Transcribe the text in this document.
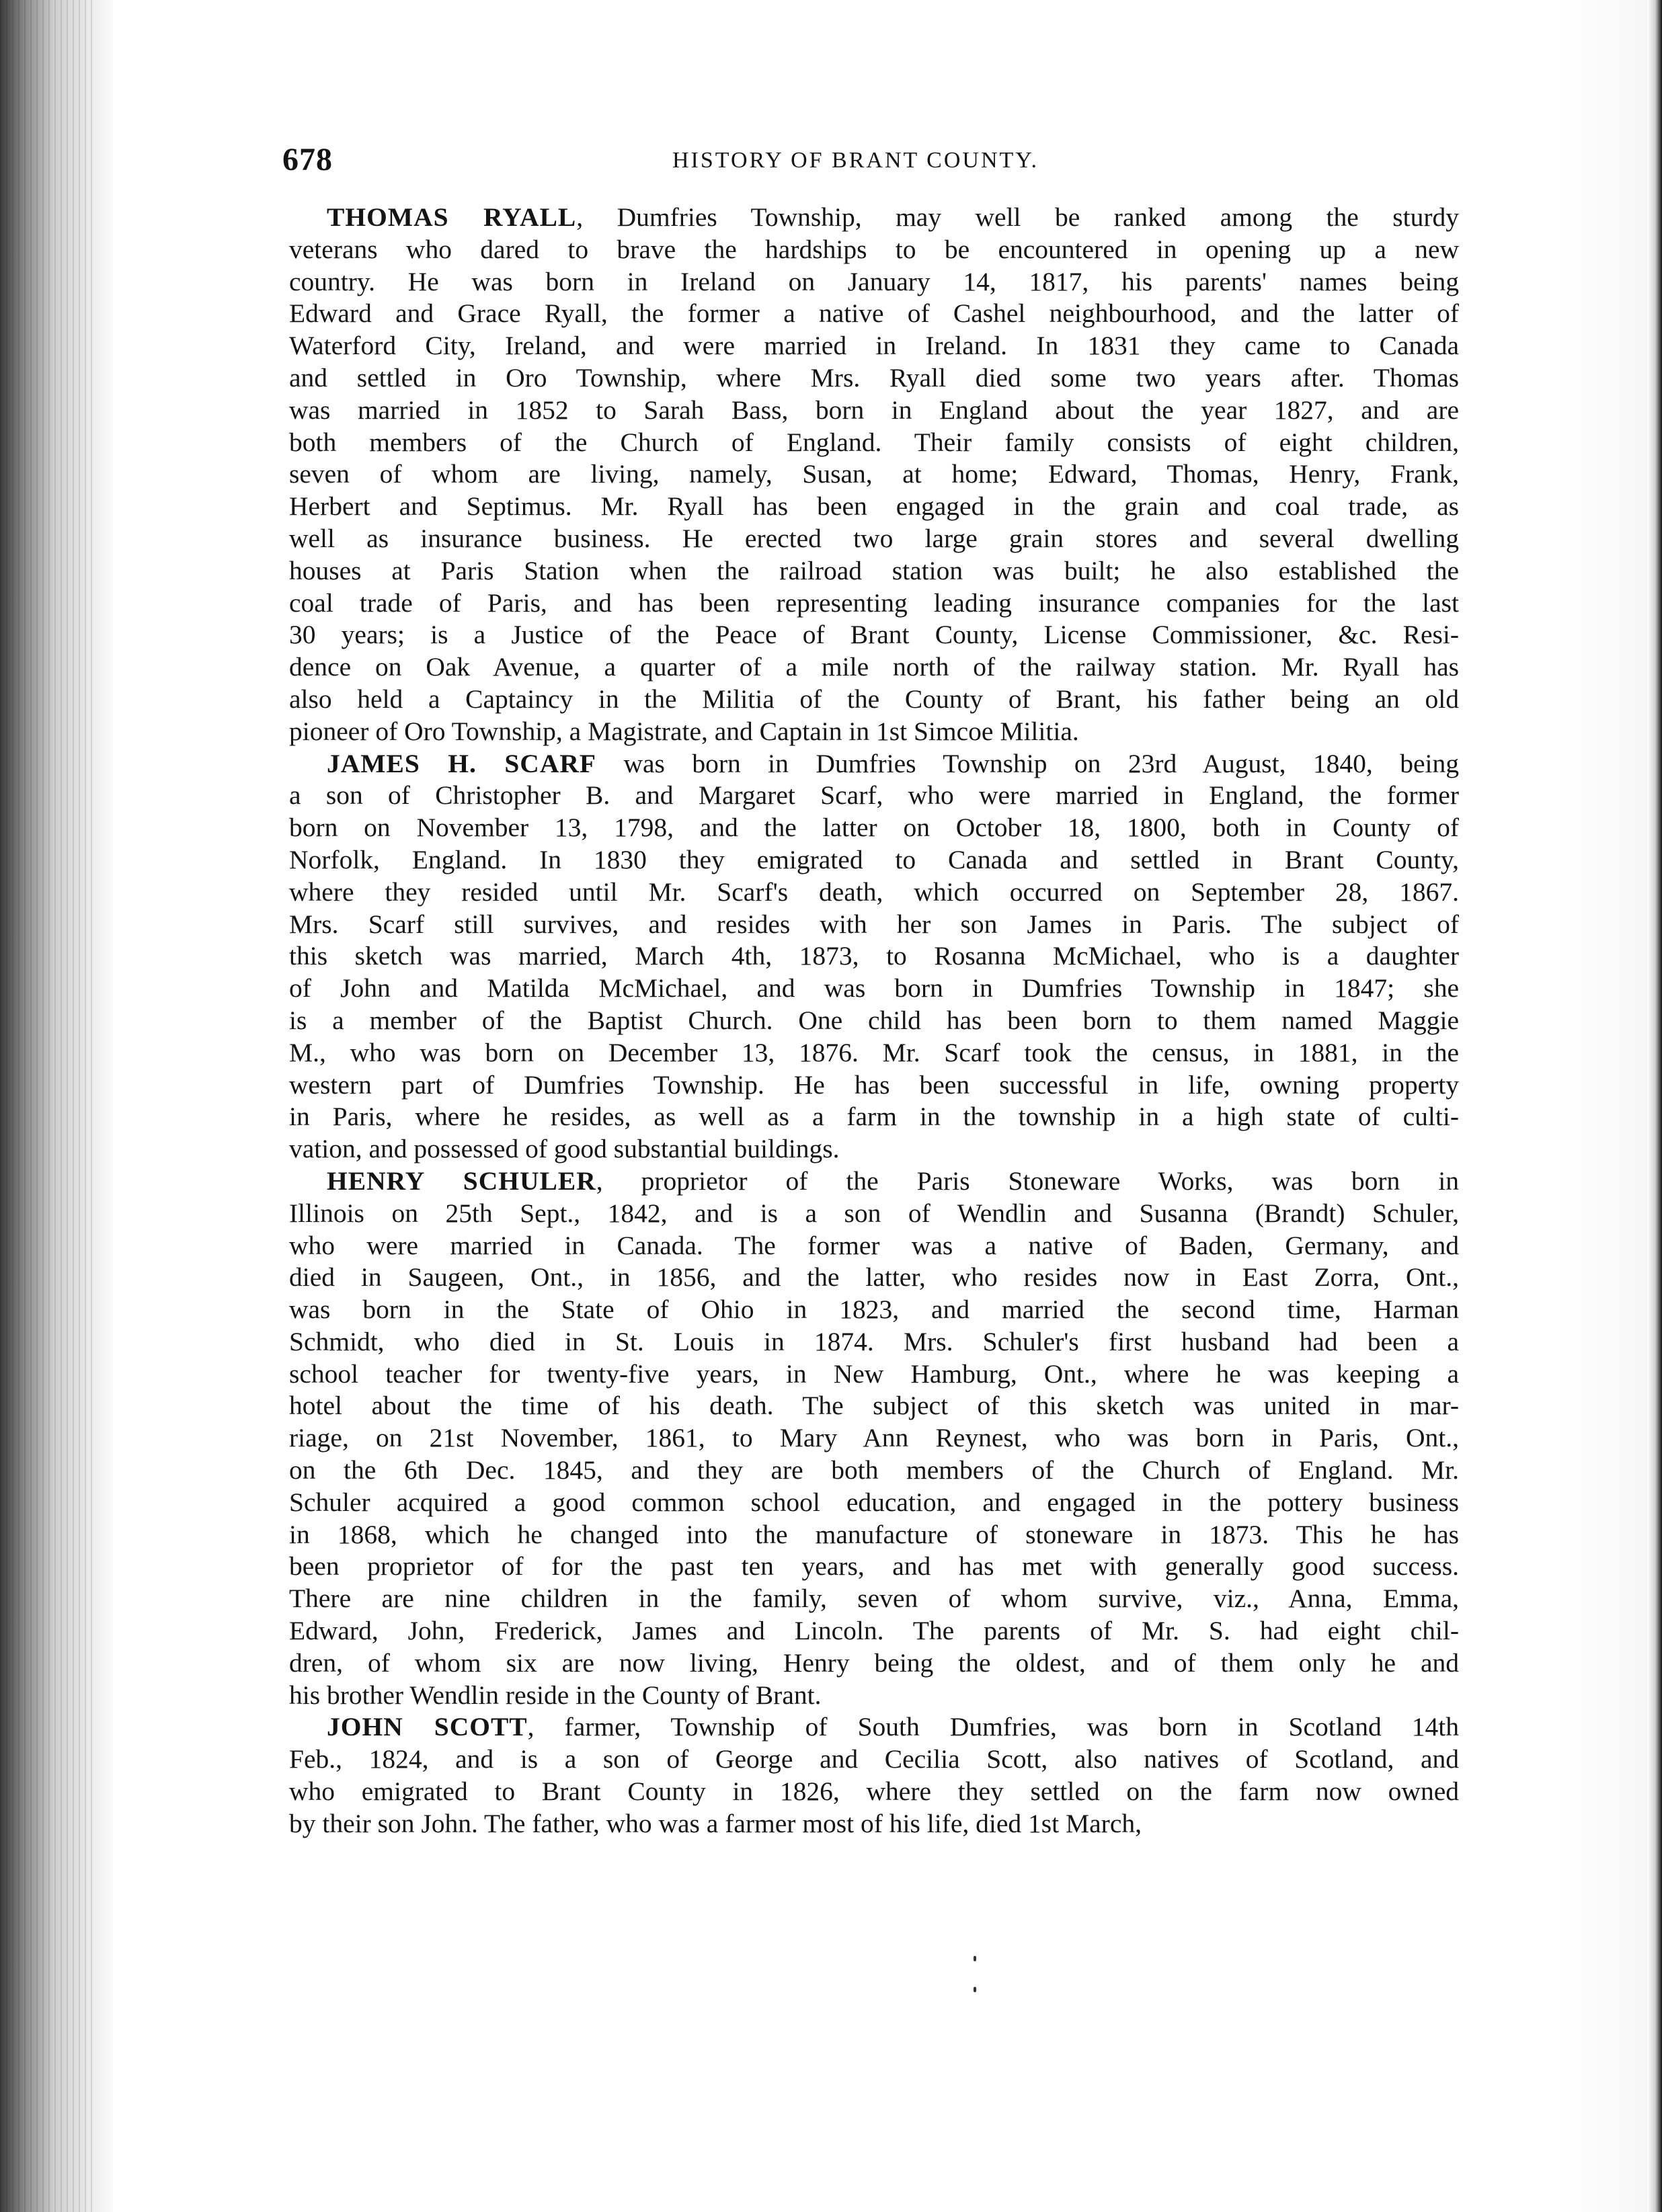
678	HISTORY OF BRANT COUNTY.
THOMAS RYALL, Dumfries Township, may well be ranked among the sturdy
veterans who dared to brave the hardships to be encountered in opening up a new
country. He was born in Ireland on January 14, 1817, his parents' names being
Edward and Grace Ryall, the former a native of Cashel neighbourhood, and the latter of
Waterford City, Ireland, and were married in Ireland. In 1831 they came to Canada
and settled in Oro Township, where Mrs. Ryall died some two years after. Thomas
was married in 1852 to Sarah Bass, born in England about the year 1827, and are
both members of the Church of England. Their family consists of eight children,
seven of whom are living, namely, Susan, at home; Edward, Thomas, Henry, Frank,
Herbert and Septimus. Mr. Ryall has been engaged in the grain and coal trade, as
well as insurance business. He erected two large grain stores and several dwelling
houses at Paris Station when the railroad station was built; he also established the
coal trade of Paris, and has been representing leading insurance companies for the last
30 years; is a Justice of the Peace of Brant County, License Commissioner, &c. Resi-
dence on Oak Avenue, a quarter of a mile north of the railway station. Mr. Ryall has
also held a Captaincy in the Militia of the County of Brant, his father being an old
pioneer of Oro Township, a Magistrate, and Captain in 1st Simcoe Militia.
JAMES H. SCARF was born in Dumfries Township on 23rd August, 1840, being
a son of Christopher B. and Margaret Scarf, who were married in England, the former
born on November 13, 1798, and the latter on October 18, 1800, both in County of
Norfolk, England. In 1830 they emigrated to Canada and settled in Brant County,
where they resided until Mr. Scarf's death, which occurred on September 28, 1867.
Mrs. Scarf still survives, and resides with her son James in Paris. The subject of
this sketch was married, March 4th, 1873, to Rosanna McMichael, who is a daughter
of John and Matilda McMichael, and was born in Dumfries Township in 1847; she
is a member of the Baptist Church. One child has been born to them named Maggie
M., who was born on December 13, 1876. Mr. Scarf took the census, in 1881, in the
western part of Dumfries Township. He has been successful in life, owning property
in Paris, where he resides, as well as a farm in the township in a high state of culti-
vation, and possessed of good substantial buildings.
HENRY SCHULER, proprietor of the Paris Stoneware Works, was born in
Illinois on 25th Sept., 1842, and is a son of Wendlin and Susanna (Brandt) Schuler,
who were married in Canada. The former was a native of Baden, Germany, and
died in Saugeen, Ont., in 1856, and the latter, who resides now in East Zorra, Ont.,
was born in the State of Ohio in 1823, and married the second time, Harman
Schmidt, who died in St. Louis in 1874. Mrs. Schuler's first husband had been a
school teacher for twenty-five years, in New Hamburg, Ont., where he was keeping a
hotel about the time of his death. The subject of this sketch was united in mar-
riage, on 21st November, 1861, to Mary Ann Reynest, who was born in Paris, Ont.,
on the 6th Dec. 1845, and they are both members of the Church of England. Mr.
Schuler acquired a good common school education, and engaged in the pottery business
in 1868, which he changed into the manufacture of stoneware in 1873. This he has
been proprietor of for the past ten years, and has met with generally good success.
There are nine children in the family, seven of whom survive, viz., Anna, Emma,
Edward, John, Frederick, James and Lincoln. The parents of Mr. S. had eight chil-
dren, of whom six are now living, Henry being the oldest, and of them only he and
his brother Wendlin reside in the County of Brant.
JOHN SCOTT, farmer, Township of South Dumfries, was born in Scotland 14th
Feb., 1824, and is a son of George and Cecilia Scott, also natives of Scotland, and
who emigrated to Brant County in 1826, where they settled on the farm now owned
by their son John. The father, who was a farmer most of his life, died 1st March,
